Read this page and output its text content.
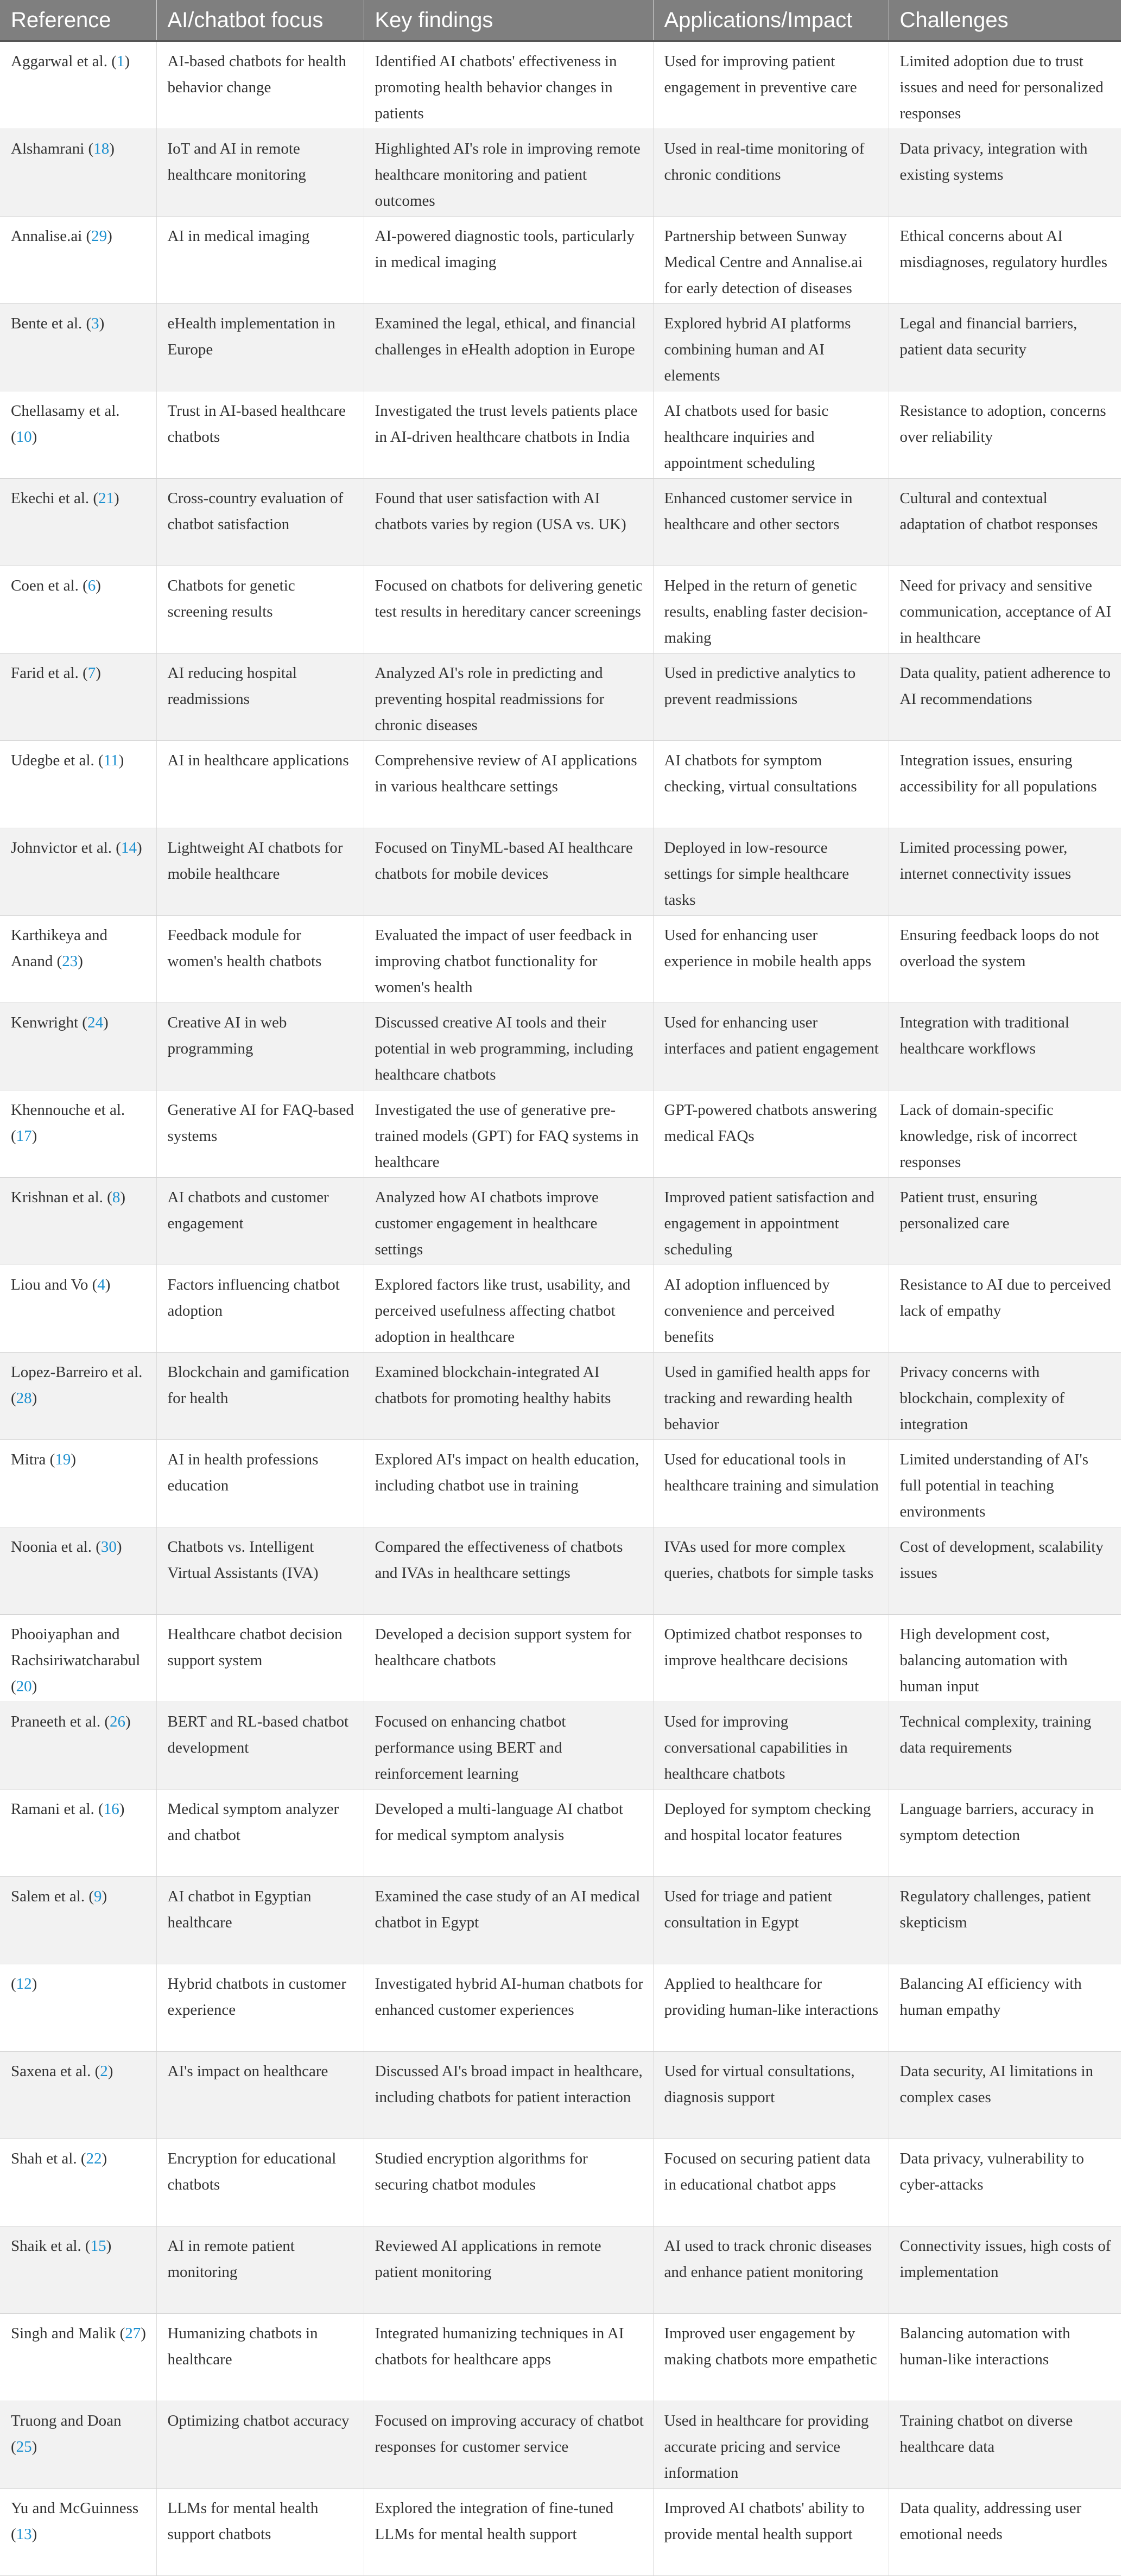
Reference	AI/chatbot focus	Key findings	Applications/Impact	Challenges
Aggarwal et al. (1)	AI-based chatbots for health behavior change	Identified AI chatbots' effectiveness in promoting health behavior changes in patients	Used for improving patient engagement in preventive care	Limited adoption due to trust issues and need for personalized responses
Alshamrani (18)	IoT and AI in remote healthcare monitoring	Highlighted AI's role in improving remote healthcare monitoring and patient outcomes	Used in real-time monitoring of chronic conditions	Data privacy, integration with existing systems
Annalise.ai (29)	AI in medical imaging	AI-powered diagnostic tools, particularly in medical imaging	Partnership between Sunway Medical Centre and Annalise.ai for early detection of diseases	Ethical concerns about AI misdiagnoses, regulatory hurdles
Bente et al. (3)	eHealth implementation in Europe	Examined the legal, ethical, and financial challenges in eHealth adoption in Europe	Explored hybrid AI platforms combining human and AI elements	Legal and financial barriers, patient data security
Chellasamy et al. (10)	Trust in AI-based healthcare chatbots	Investigated the trust levels patients place in AI-driven healthcare chatbots in India	AI chatbots used for basic healthcare inquiries and appointment scheduling	Resistance to adoption, concerns over reliability
Ekechi et al. (21)	Cross-country evaluation of chatbot satisfaction	Found that user satisfaction with AI chatbots varies by region (USA vs. UK)	Enhanced customer service in healthcare and other sectors	Cultural and contextual adaptation of chatbot responses
Coen et al. (6)	Chatbots for genetic screening results	Focused on chatbots for delivering genetic test results in hereditary cancer screenings	Helped in the return of genetic results, enabling faster decision-making	Need for privacy and sensitive communication, acceptance of AI in healthcare
Farid et al. (7)	AI reducing hospital readmissions	Analyzed AI's role in predicting and preventing hospital readmissions for chronic diseases	Used in predictive analytics to prevent readmissions	Data quality, patient adherence to AI recommendations
Udegbe et al. (11)	AI in healthcare applications	Comprehensive review of AI applications in various healthcare settings	AI chatbots for symptom checking, virtual consultations	Integration issues, ensuring accessibility for all populations
Johnvictor et al. (14)	Lightweight AI chatbots for mobile healthcare	Focused on TinyML-based AI healthcare chatbots for mobile devices	Deployed in low-resource settings for simple healthcare tasks	Limited processing power, internet connectivity issues
Karthikeya and Anand (23)	Feedback module for women's health chatbots	Evaluated the impact of user feedback in improving chatbot functionality for women's health	Used for enhancing user experience in mobile health apps	Ensuring feedback loops do not overload the system
Kenwright (24)	Creative AI in web programming	Discussed creative AI tools and their potential in web programming, including healthcare chatbots	Used for enhancing user interfaces and patient engagement	Integration with traditional healthcare workflows
Khennouche et al. (17)	Generative AI for FAQ-based systems	Investigated the use of generative pre-trained models (GPT) for FAQ systems in healthcare	GPT-powered chatbots answering medical FAQs	Lack of domain-specific knowledge, risk of incorrect responses
Krishnan et al. (8)	AI chatbots and customer engagement	Analyzed how AI chatbots improve customer engagement in healthcare settings	Improved patient satisfaction and engagement in appointment scheduling	Patient trust, ensuring personalized care
Liou and Vo (4)	Factors influencing chatbot adoption	Explored factors like trust, usability, and perceived usefulness affecting chatbot adoption in healthcare	AI adoption influenced by convenience and perceived benefits	Resistance to AI due to perceived lack of empathy
Lopez-Barreiro et al. (28)	Blockchain and gamification for health	Examined blockchain-integrated AI chatbots for promoting healthy habits	Used in gamified health apps for tracking and rewarding health behavior	Privacy concerns with blockchain, complexity of integration
Mitra (19)	AI in health professions education	Explored AI's impact on health education, including chatbot use in training	Used for educational tools in healthcare training and simulation	Limited understanding of AI's full potential in teaching environments
Noonia et al. (30)	Chatbots vs. Intelligent Virtual Assistants (IVA)	Compared the effectiveness of chatbots and IVAs in healthcare settings	IVAs used for more complex queries, chatbots for simple tasks	Cost of development, scalability issues
Phooiyaphan and Rachsiriwatcharabul (20)	Healthcare chatbot decision support system	Developed a decision support system for healthcare chatbots	Optimized chatbot responses to improve healthcare decisions	High development cost, balancing automation with human input
Praneeth et al. (26)	BERT and RL-based chatbot development	Focused on enhancing chatbot performance using BERT and reinforcement learning	Used for improving conversational capabilities in healthcare chatbots	Technical complexity, training data requirements
Ramani et al. (16)	Medical symptom analyzer and chatbot	Developed a multi-language AI chatbot for medical symptom analysis	Deployed for symptom checking and hospital locator features	Language barriers, accuracy in symptom detection
Salem et al. (9)	AI chatbot in Egyptian healthcare	Examined the case study of an AI medical chatbot in Egypt	Used for triage and patient consultation in Egypt	Regulatory challenges, patient skepticism
(12)	Hybrid chatbots in customer experience	Investigated hybrid AI-human chatbots for enhanced customer experiences	Applied to healthcare for providing human-like interactions	Balancing AI efficiency with human empathy
Saxena et al. (2)	AI's impact on healthcare	Discussed AI's broad impact in healthcare, including chatbots for patient interaction	Used for virtual consultations, diagnosis support	Data security, AI limitations in complex cases
Shah et al. (22)	Encryption for educational chatbots	Studied encryption algorithms for securing chatbot modules	Focused on securing patient data in educational chatbot apps	Data privacy, vulnerability to cyber-attacks
Shaik et al. (15)	AI in remote patient monitoring	Reviewed AI applications in remote patient monitoring	AI used to track chronic diseases and enhance patient monitoring	Connectivity issues, high costs of implementation
Singh and Malik (27)	Humanizing chatbots in healthcare	Integrated humanizing techniques in AI chatbots for healthcare apps	Improved user engagement by making chatbots more empathetic	Balancing automation with human-like interactions
Truong and Doan (25)	Optimizing chatbot accuracy	Focused on improving accuracy of chatbot responses for customer service	Used in healthcare for providing accurate pricing and service information	Training chatbot on diverse healthcare data
Yu and McGuinness (13)	LLMs for mental health support chatbots	Explored the integration of fine-tuned LLMs for mental health support	Improved AI chatbots' ability to provide mental health support	Data quality, addressing user emotional needs
